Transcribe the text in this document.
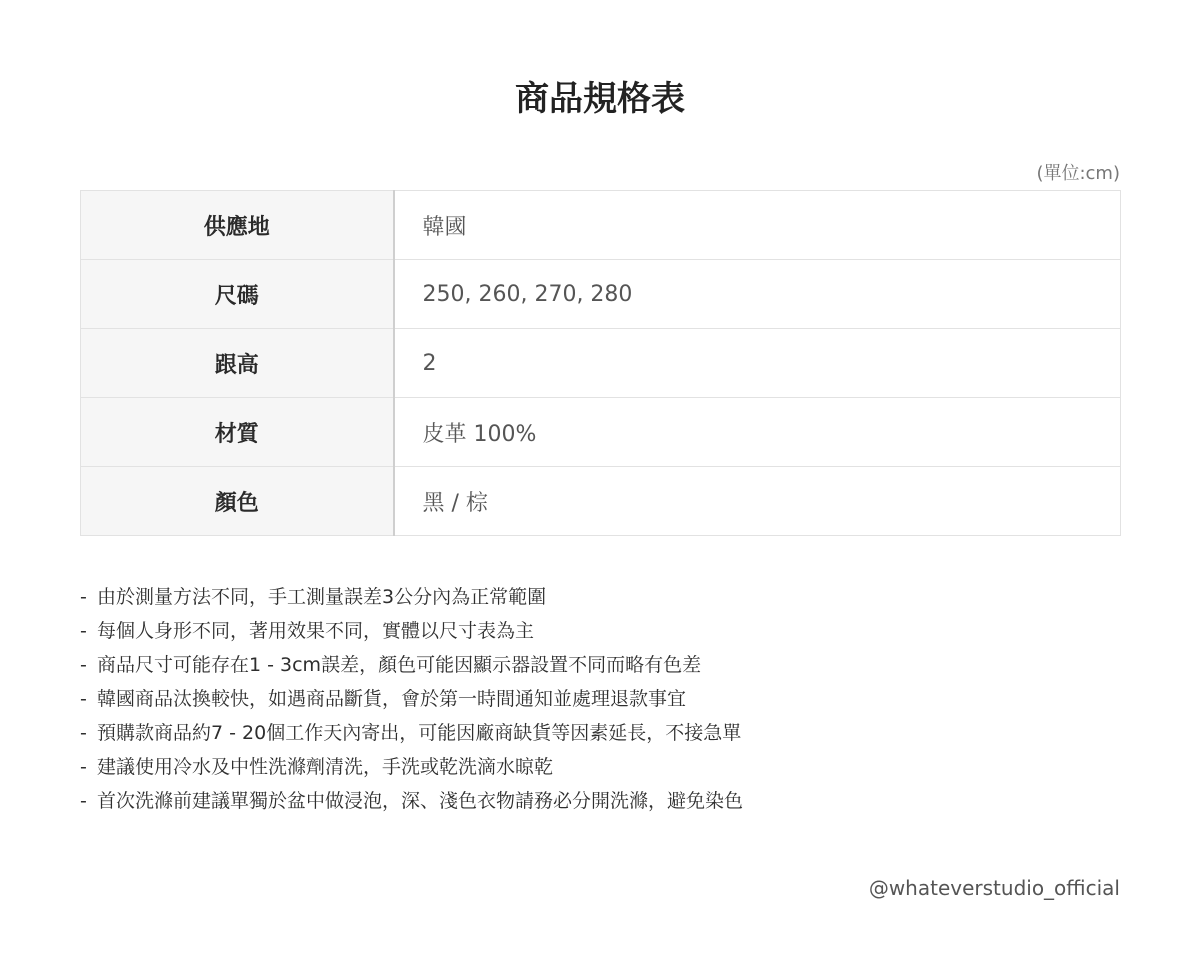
商品規格表
(單位:cm)
供應地	韓國
尺碼	250, 260, 270, 280
跟高	2
材質	皮革 100%
顏色	黑 / 棕
- 由於測量方法不同，手工測量誤差3公分內為正常範圍
- 每個人身形不同，著用效果不同，實體以尺寸表為主
- 商品尺寸可能存在1 - 3cm誤差，顏色可能因顯示器設置不同而略有色差
- 韓國商品汰換較快，如遇商品斷貨，會於第一時間通知並處理退款事宜
- 預購款商品約7 - 20個工作天內寄出，可能因廠商缺貨等因素延長，不接急單
- 建議使用冷水及中性洗滌劑清洗，手洗或乾洗滴水晾乾
- 首次洗滌前建議單獨於盆中做浸泡，深、淺色衣物請務必分開洗滌，避免染色
@whateverstudio_official
